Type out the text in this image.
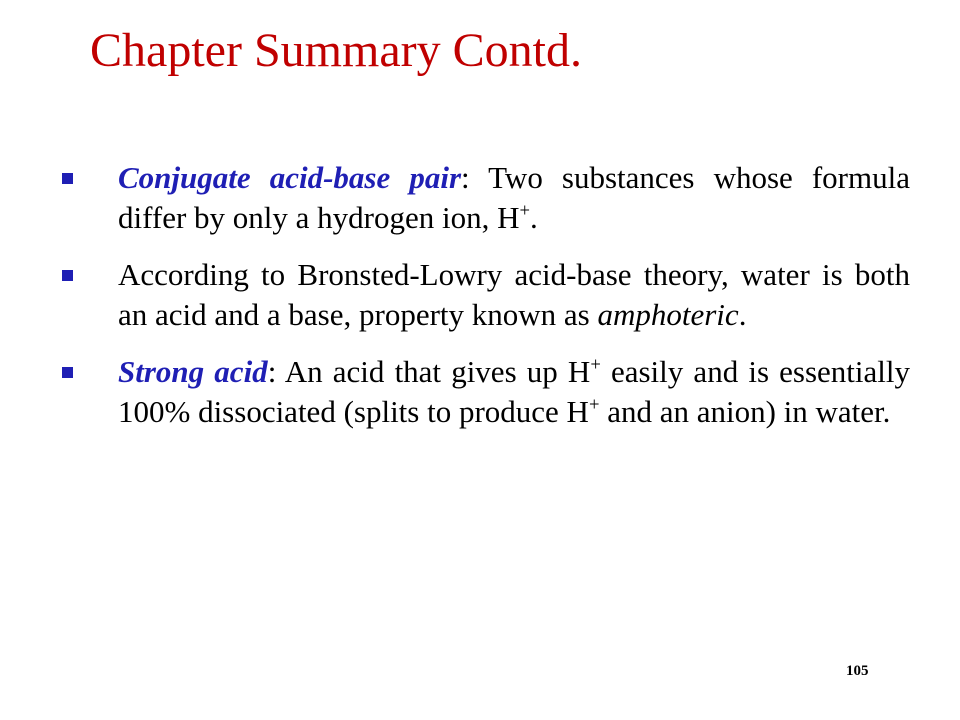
Chapter Summary Contd.
Conjugate acid-base pair: Two substances whose formula differ by only a hydrogen ion, H+.
According to Bronsted-Lowry acid-base theory, water is both an acid and a base, property known as amphoteric.
Strong acid: An acid that gives up H+ easily and is essentially 100% dissociated (splits to produce H+ and an anion) in water.
105
